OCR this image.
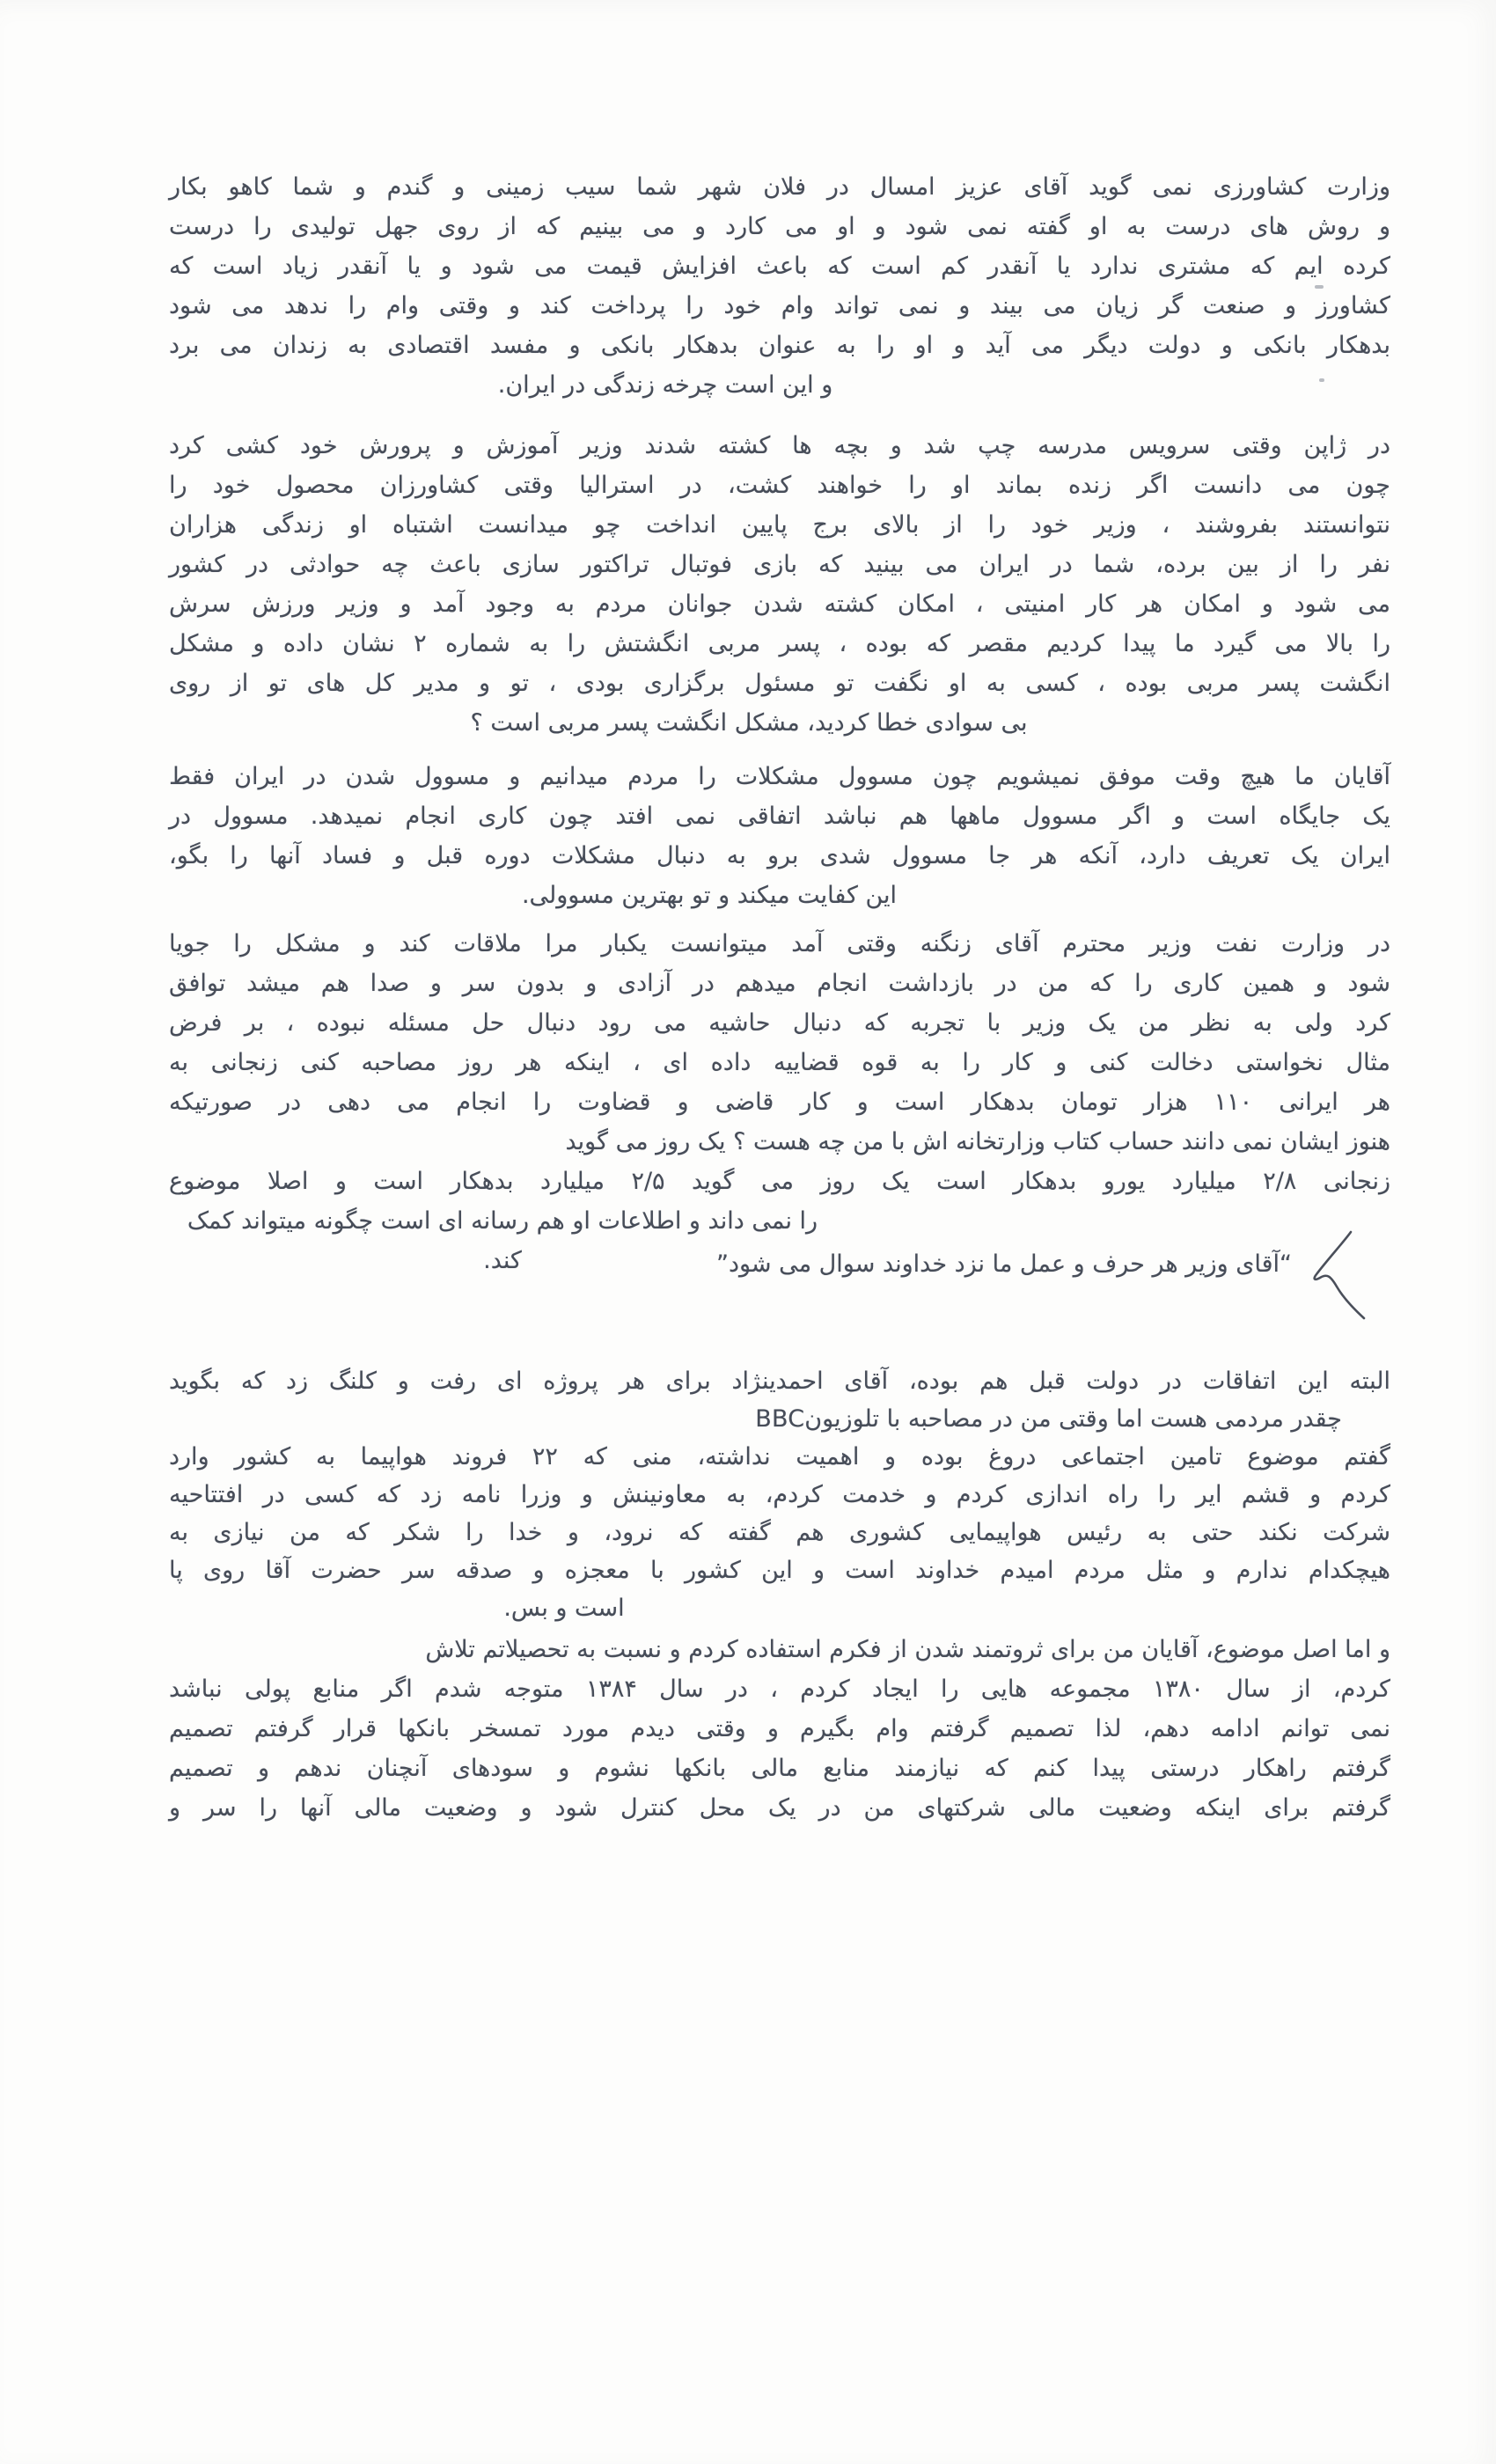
وزارت کشاورزی نمی گوید آقای عزیز امسال در فلان شهر شما سیب زمینی و گندم و شما کاهو بکار
و روش های درست به او گفته نمی شود و او می کارد و می بینیم که از روی جهل تولیدی را درست
کرده ایم که مشتری ندارد یا آنقدر کم است که باعث افزایش قیمت می شود و یا آنقدر زیاد است که
کشاورز و صنعت گر زیان می بیند و نمی تواند وام خود را پرداخت کند و وقتی وام را ندهد می شود
بدهکار بانکی و دولت دیگر می آید و او را به عنوان بدهکار بانکی و مفسد اقتصادی به زندان می برد
و این است چرخه زندگی در ایران.
در ژاپن وقتی سرویس مدرسه چپ شد و بچه ها کشته شدند وزیر آموزش و پرورش خود کشی کرد
چون می دانست اگر زنده بماند او را خواهند کشت، در استرالیا وقتی کشاورزان محصول خود را
نتوانستند بفروشند ، وزیر خود را از بالای برج پایین انداخت چو میدانست اشتباه او زندگی هزاران
نفر را از بین برده، شما در ایران می بینید که بازی فوتبال تراکتور سازی باعث چه حوادثی در کشور
می شود و امکان هر کار امنیتی ، امکان کشته شدن جوانان مردم به وجود آمد و وزیر ورزش سرش
را بالا می گیرد ما پیدا کردیم مقصر که بوده ، پسر مربی انگشتش را به شماره ۲ نشان داده و مشکل
انگشت پسر مربی بوده ، کسی به او نگفت تو مسئول برگزاری بودی ، تو و مدیر کل های تو از روی
بی سوادی خطا کردید، مشکل انگشت پسر مربی است ؟
آقایان ما هیچ وقت موفق نمیشویم چون مسوول مشکلات را مردم میدانیم و مسوول شدن در ایران فقط
یک جایگاه است و اگر مسوول ماهها هم نباشد اتفاقی نمی افتد چون کاری انجام نمیدهد. مسوول در
ایران یک تعریف دارد، آنکه هر جا مسوول شدی برو به دنبال مشکلات دوره قبل و فساد آنها را بگو،
این کفایت میکند و تو بهترین مسوولی.
در وزارت نفت وزیر محترم آقای زنگنه وقتی آمد میتوانست یکبار مرا ملاقات کند و مشکل را جویا
شود و همین کاری را که من در بازداشت انجام میدهم در آزادی و بدون سر و صدا هم میشد توافق
کرد ولی به نظر من یک وزیر با تجربه که دنبال حاشیه می رود دنبال حل مسئله نبوده ، بر فرض
مثال نخواستی دخالت کنی و کار را به قوه قضاییه داده ای ، اینکه هر روز مصاحبه کنی زنجانی به
هر ایرانی ۱۱۰ هزار تومان بدهکار است و کار قاضی و قضاوت را انجام می دهی در صورتیکه
هنوز ایشان نمی دانند حساب کتاب وزارتخانه اش با من چه هست ؟ یک روز می گوید
زنجانی ۲/۸ میلیارد یورو بدهکار است یک روز می گوید ۲/۵ میلیارد بدهکار است و اصلا موضوع
را نمی داند و اطلاعات او هم رسانه ای است چگونه میتواند کمک کند.	“آقای وزیر هر حرف و عمل ما نزد خداوند سوال می شود”
البته این اتفاقات در دولت قبل هم بوده، آقای احمدینژاد برای هر پروژه ای رفت و کلنگ زد که بگوید
چقدر مردمی هست اما وقتی من در مصاحبه با تلوزیونBBC
گفتم موضوع تامین اجتماعی دروغ بوده و اهمیت نداشته، منی که ۲۲ فروند هواپیما به کشور وارد
کردم و قشم ایر را راه اندازی کردم و خدمت کردم، به معاونینش و وزرا نامه زد که کسی در افتتاحیه
شرکت نکند حتی به رئیس هواپیمایی کشوری هم گفته که نرود، و خدا را شکر که من نیازی به
هیچکدام ندارم و مثل مردم امیدم خداوند است و این کشور با معجزه و صدقه سر حضرت آقا روی پا
است و بس.
و اما اصل موضوع، آقایان من برای ثروتمند شدن از فکرم استفاده کردم و نسبت به تحصیلاتم تلاش
کردم، از سال ۱۳۸۰ مجموعه هایی را ایجاد کردم ، در سال ۱۳۸۴ متوجه شدم اگر منابع پولی نباشد
نمی توانم ادامه دهم، لذا تصمیم گرفتم وام بگیرم و وقتی دیدم مورد تمسخر بانکها قرار گرفتم تصمیم
گرفتم راهکار درستی پیدا کنم که نیازمند منابع مالی بانکها نشوم و سودهای آنچنان ندهم و تصمیم
گرفتم برای اینکه وضعیت مالی شرکتهای من در یک محل کنترل شود و وضعیت مالی آنها را سر و
